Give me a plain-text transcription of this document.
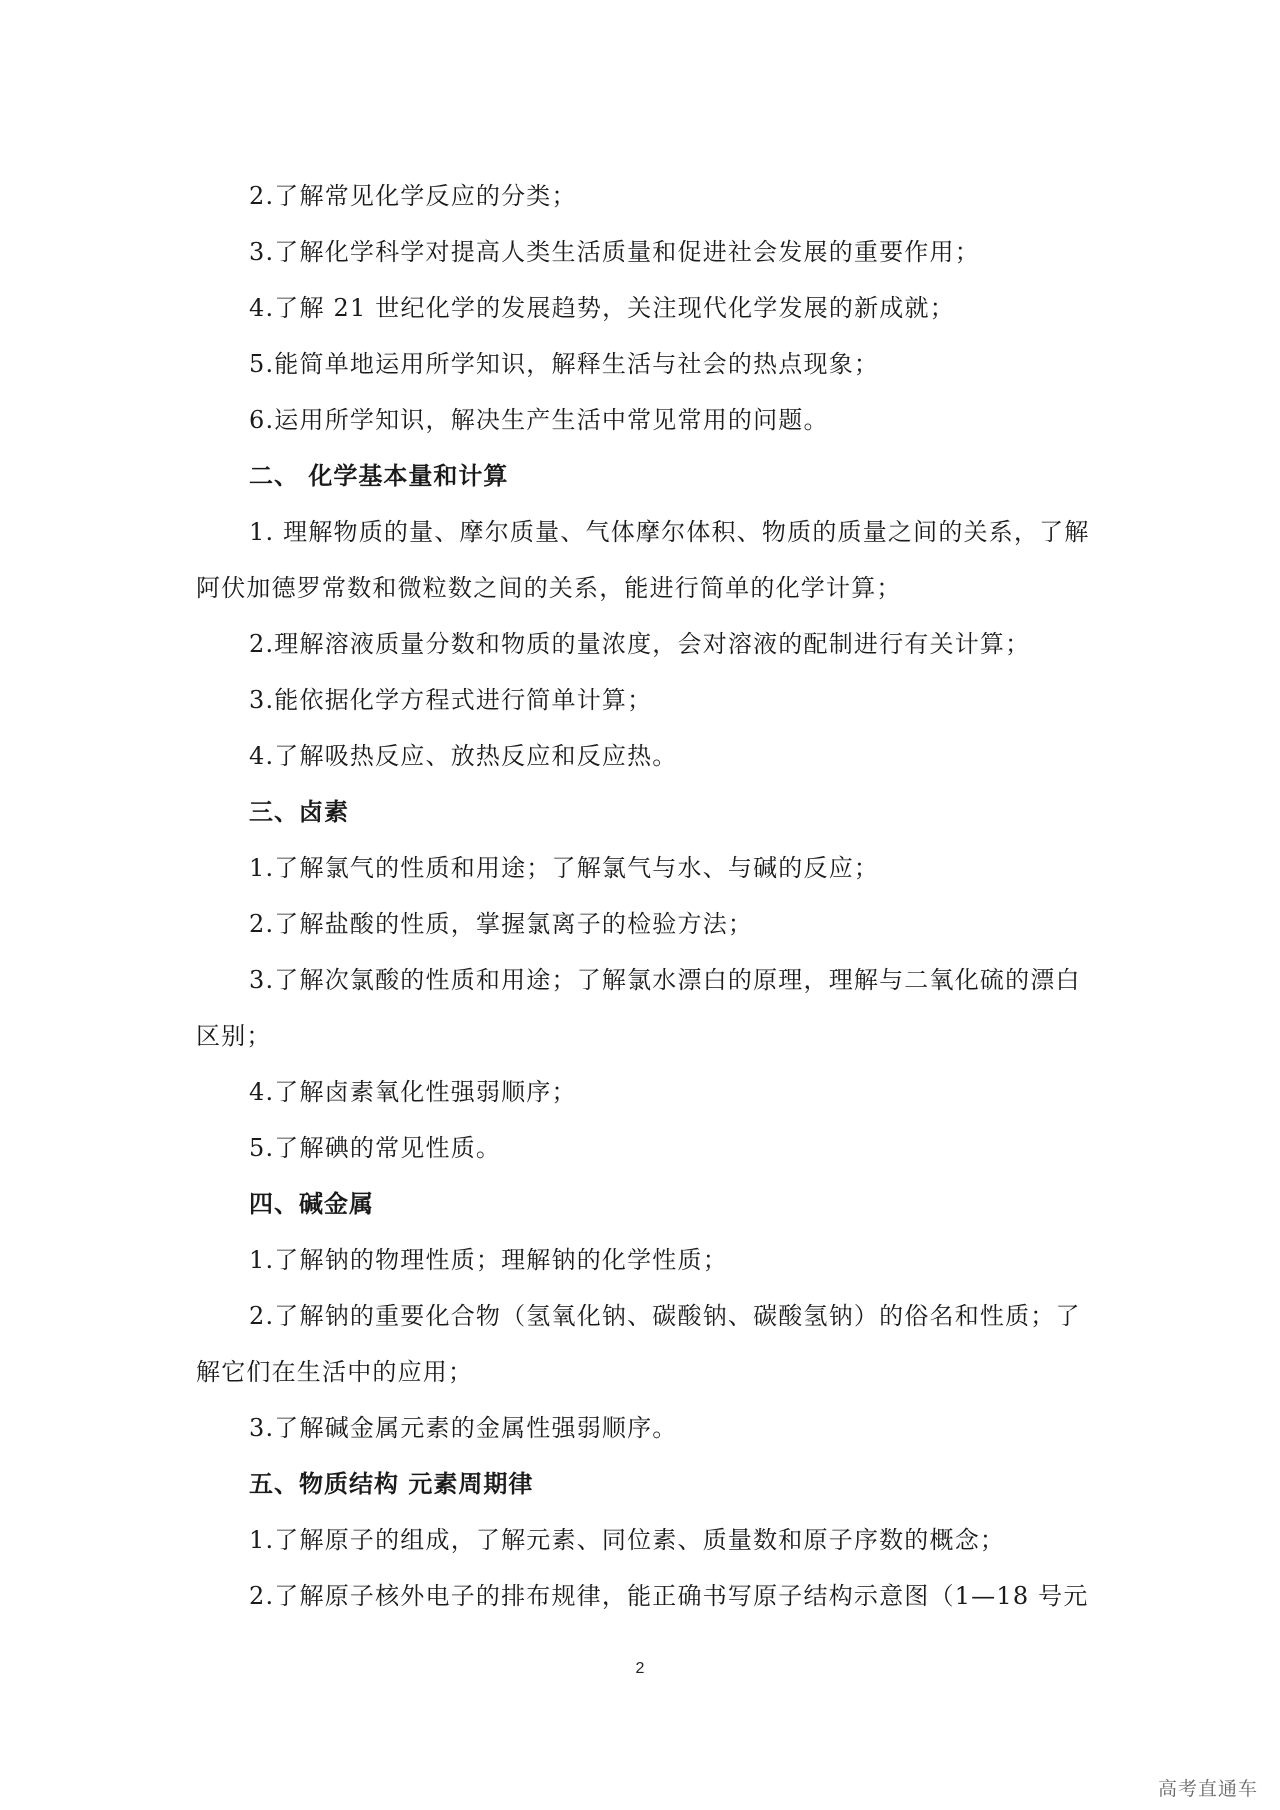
2.了解常见化学反应的分类；
3.了解化学科学对提高人类生活质量和促进社会发展的重要作用；
4.了解 21 世纪化学的发展趋势，关注现代化学发展的新成就；
5.能简单地运用所学知识，解释生活与社会的热点现象；
6.运用所学知识，解决生产生活中常见常用的问题。
二、 化学基本量和计算
1. 理解物质的量、摩尔质量、气体摩尔体积、物质的质量之间的关系，了解
阿伏加德罗常数和微粒数之间的关系，能进行简单的化学计算；
2.理解溶液质量分数和物质的量浓度，会对溶液的配制进行有关计算；
3.能依据化学方程式进行简单计算；
4.了解吸热反应、放热反应和反应热。
三、卤素
1.了解氯气的性质和用途；了解氯气与水、与碱的反应；
2.了解盐酸的性质，掌握氯离子的检验方法；
3.了解次氯酸的性质和用途；了解氯水漂白的原理，理解与二氧化硫的漂白
区别；
4.了解卤素氧化性强弱顺序；
5.了解碘的常见性质。
四、碱金属
1.了解钠的物理性质；理解钠的化学性质；
2.了解钠的重要化合物（氢氧化钠、碳酸钠、碳酸氢钠）的俗名和性质；了
解它们在生活中的应用；
3.了解碱金属元素的金属性强弱顺序。
五、物质结构 元素周期律
1.了解原子的组成，了解元素、同位素、质量数和原子序数的概念；
2.了解原子核外电子的排布规律，能正确书写原子结构示意图（1—18 号元
2
高考直通车
